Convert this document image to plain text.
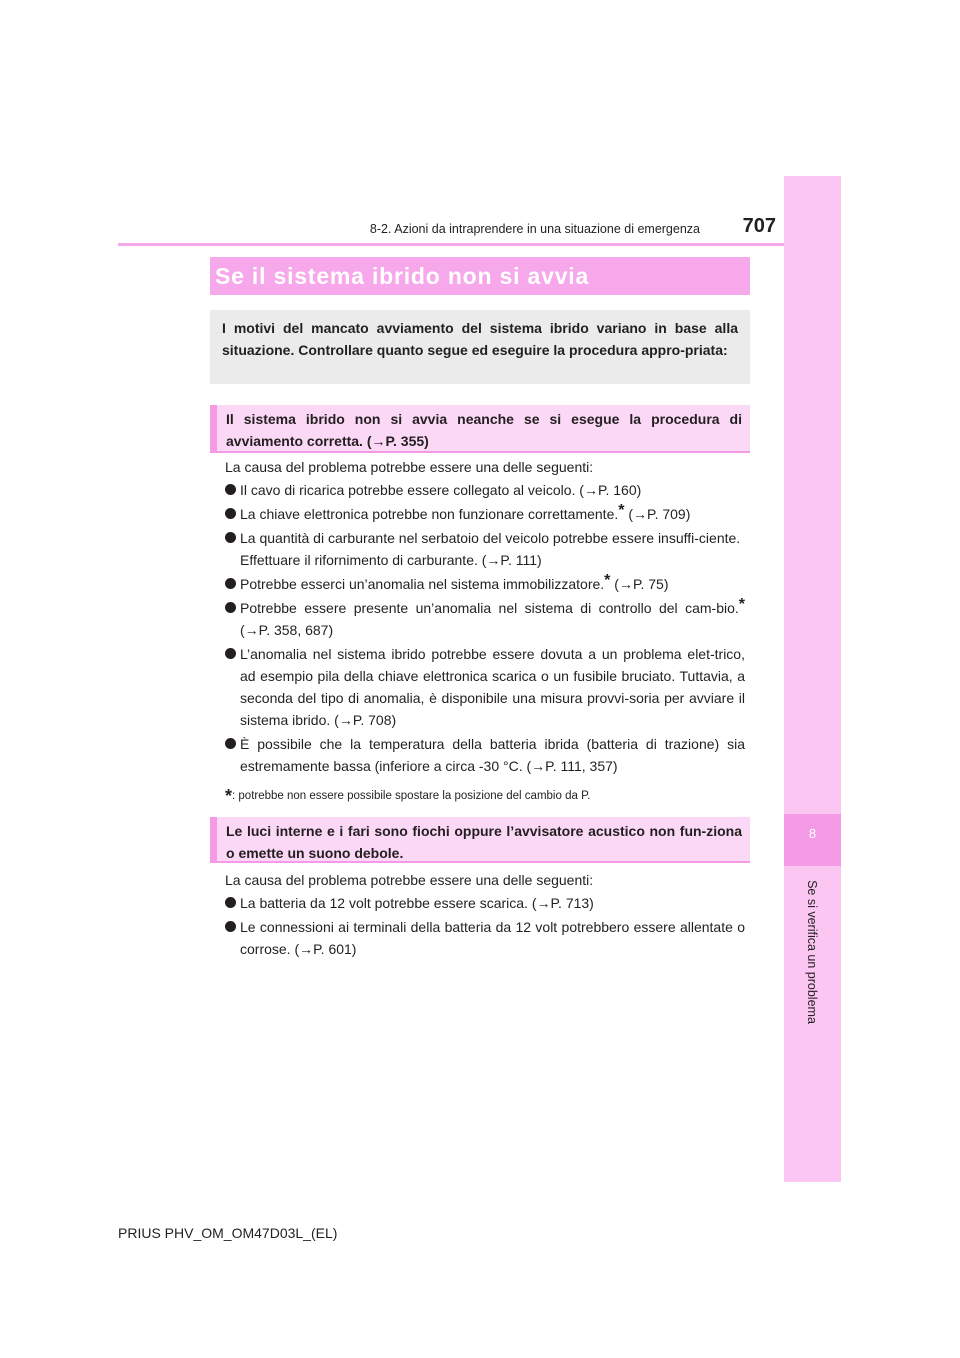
8
Se si verifica un problema
8-2. Azioni da intraprendere in una situazione di emergenza	707
Se il sistema ibrido non si avvia
I motivi del mancato avviamento del sistema ibrido variano in base alla situazione. Controllare quanto segue ed eseguire la procedura appro-priata:
Il sistema ibrido non si avvia neanche se si esegue la procedura di avviamento corretta. (→P. 355)
La causa del problema potrebbe essere una delle seguenti:
Il cavo di ricarica potrebbe essere collegato al veicolo. (→P. 160)
La chiave elettronica potrebbe non funzionare correttamente.* (→P. 709)
La quantità di carburante nel serbatoio del veicolo potrebbe essere insuffi-ciente.
Effettuare il rifornimento di carburante. (→P. 111)
Potrebbe esserci un’anomalia nel sistema immobilizzatore.* (→P. 75)
Potrebbe essere presente un’anomalia nel sistema di controllo del cam-bio.* (→P. 358, 687)
L’anomalia nel sistema ibrido potrebbe essere dovuta a un problema elet-trico, ad esempio pila della chiave elettronica scarica o un fusibile bruciato. Tuttavia, a seconda del tipo di anomalia, è disponibile una misura provvi-soria per avviare il sistema ibrido. (→P. 708)
È possibile che la temperatura della batteria ibrida (batteria di trazione) sia estremamente bassa (inferiore a circa -30 °C. (→P. 111, 357)
*: potrebbe non essere possibile spostare la posizione del cambio da P.
Le luci interne e i fari sono fiochi oppure l’avvisatore acustico non fun-ziona o emette un suono debole.
La causa del problema potrebbe essere una delle seguenti:
La batteria da 12 volt potrebbe essere scarica. (→P. 713)
Le connessioni ai terminali della batteria da 12 volt potrebbero essere allentate o corrose. (→P. 601)
PRIUS PHV_OM_OM47D03L_(EL)
